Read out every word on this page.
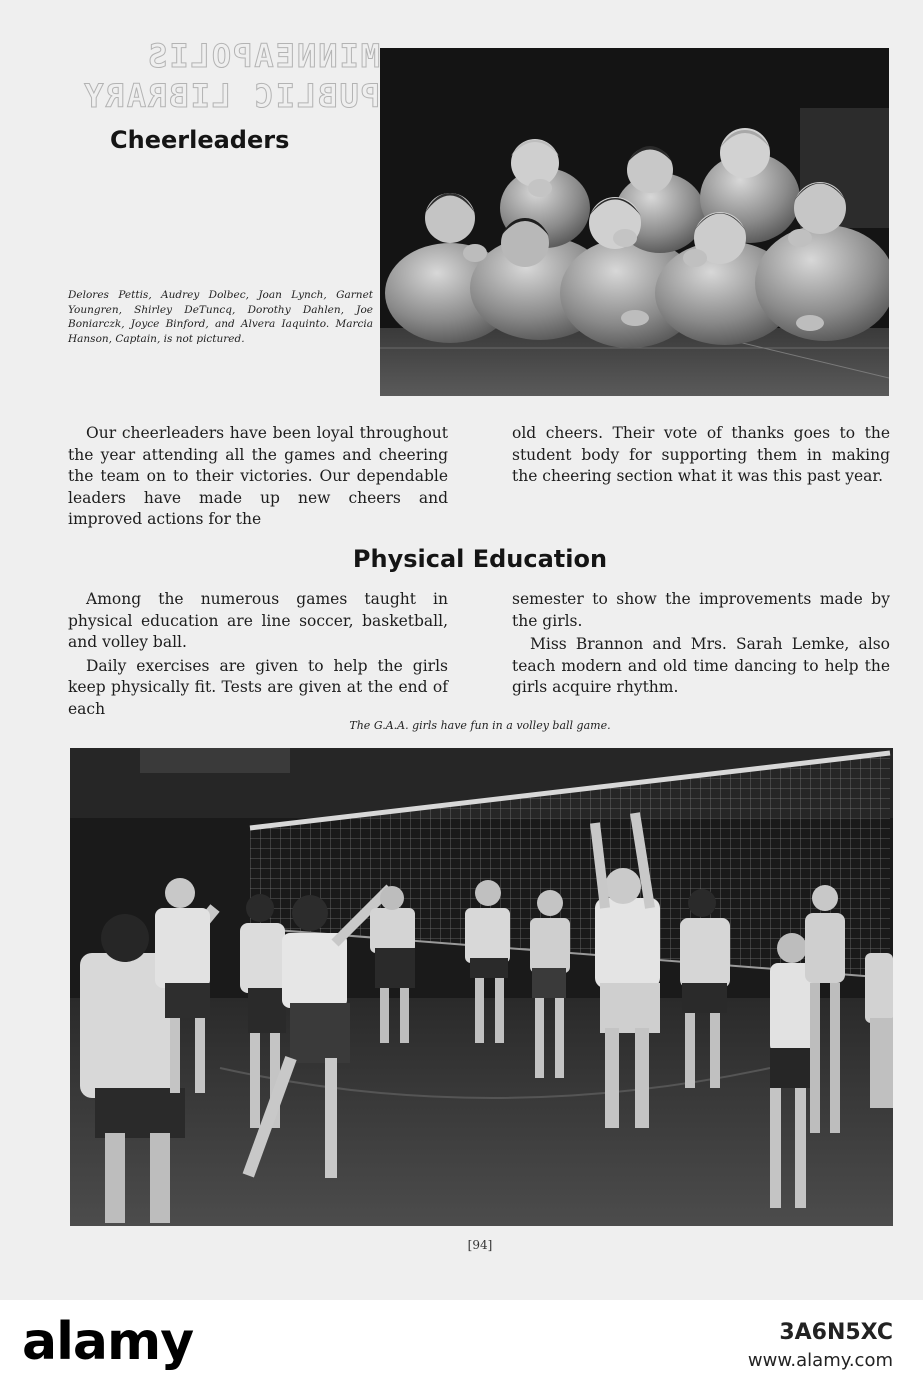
MINNEAPOLIS
PUBLIC LIBRARY
Cheerleaders
Delores Pettis, Audrey Dolbec, Joan Lynch, Garnet Youngren, Shirley DeTuncq, Dorothy Dahlen, Joe Boniarczk, Joyce Binford, and Alvera Iaquinto. Marcia Hanson, Captain, is not pictured.

Our cheerleaders have been loyal throughout the year attending all the games and cheering the team on to their victories. Our dependable leaders have made up new cheers and improved actions for the

old cheers. Their vote of thanks goes to the student body for supporting them in making the cheering section what it was this past year.

Physical Education

Among the numerous games taught in physical education are line soccer, basketball, and volley ball.

Daily exercises are given to help the girls keep physically fit. Tests are given at the end of each

semester to show the improvements made by the girls.

Miss Brannon and Mrs. Sarah Lemke, also teach modern and old time dancing to help the girls acquire rhythm.

The G.A.A. girls have fun in a volley ball game.
[94]
alamy	3A6N5XC
www.alamy.com
